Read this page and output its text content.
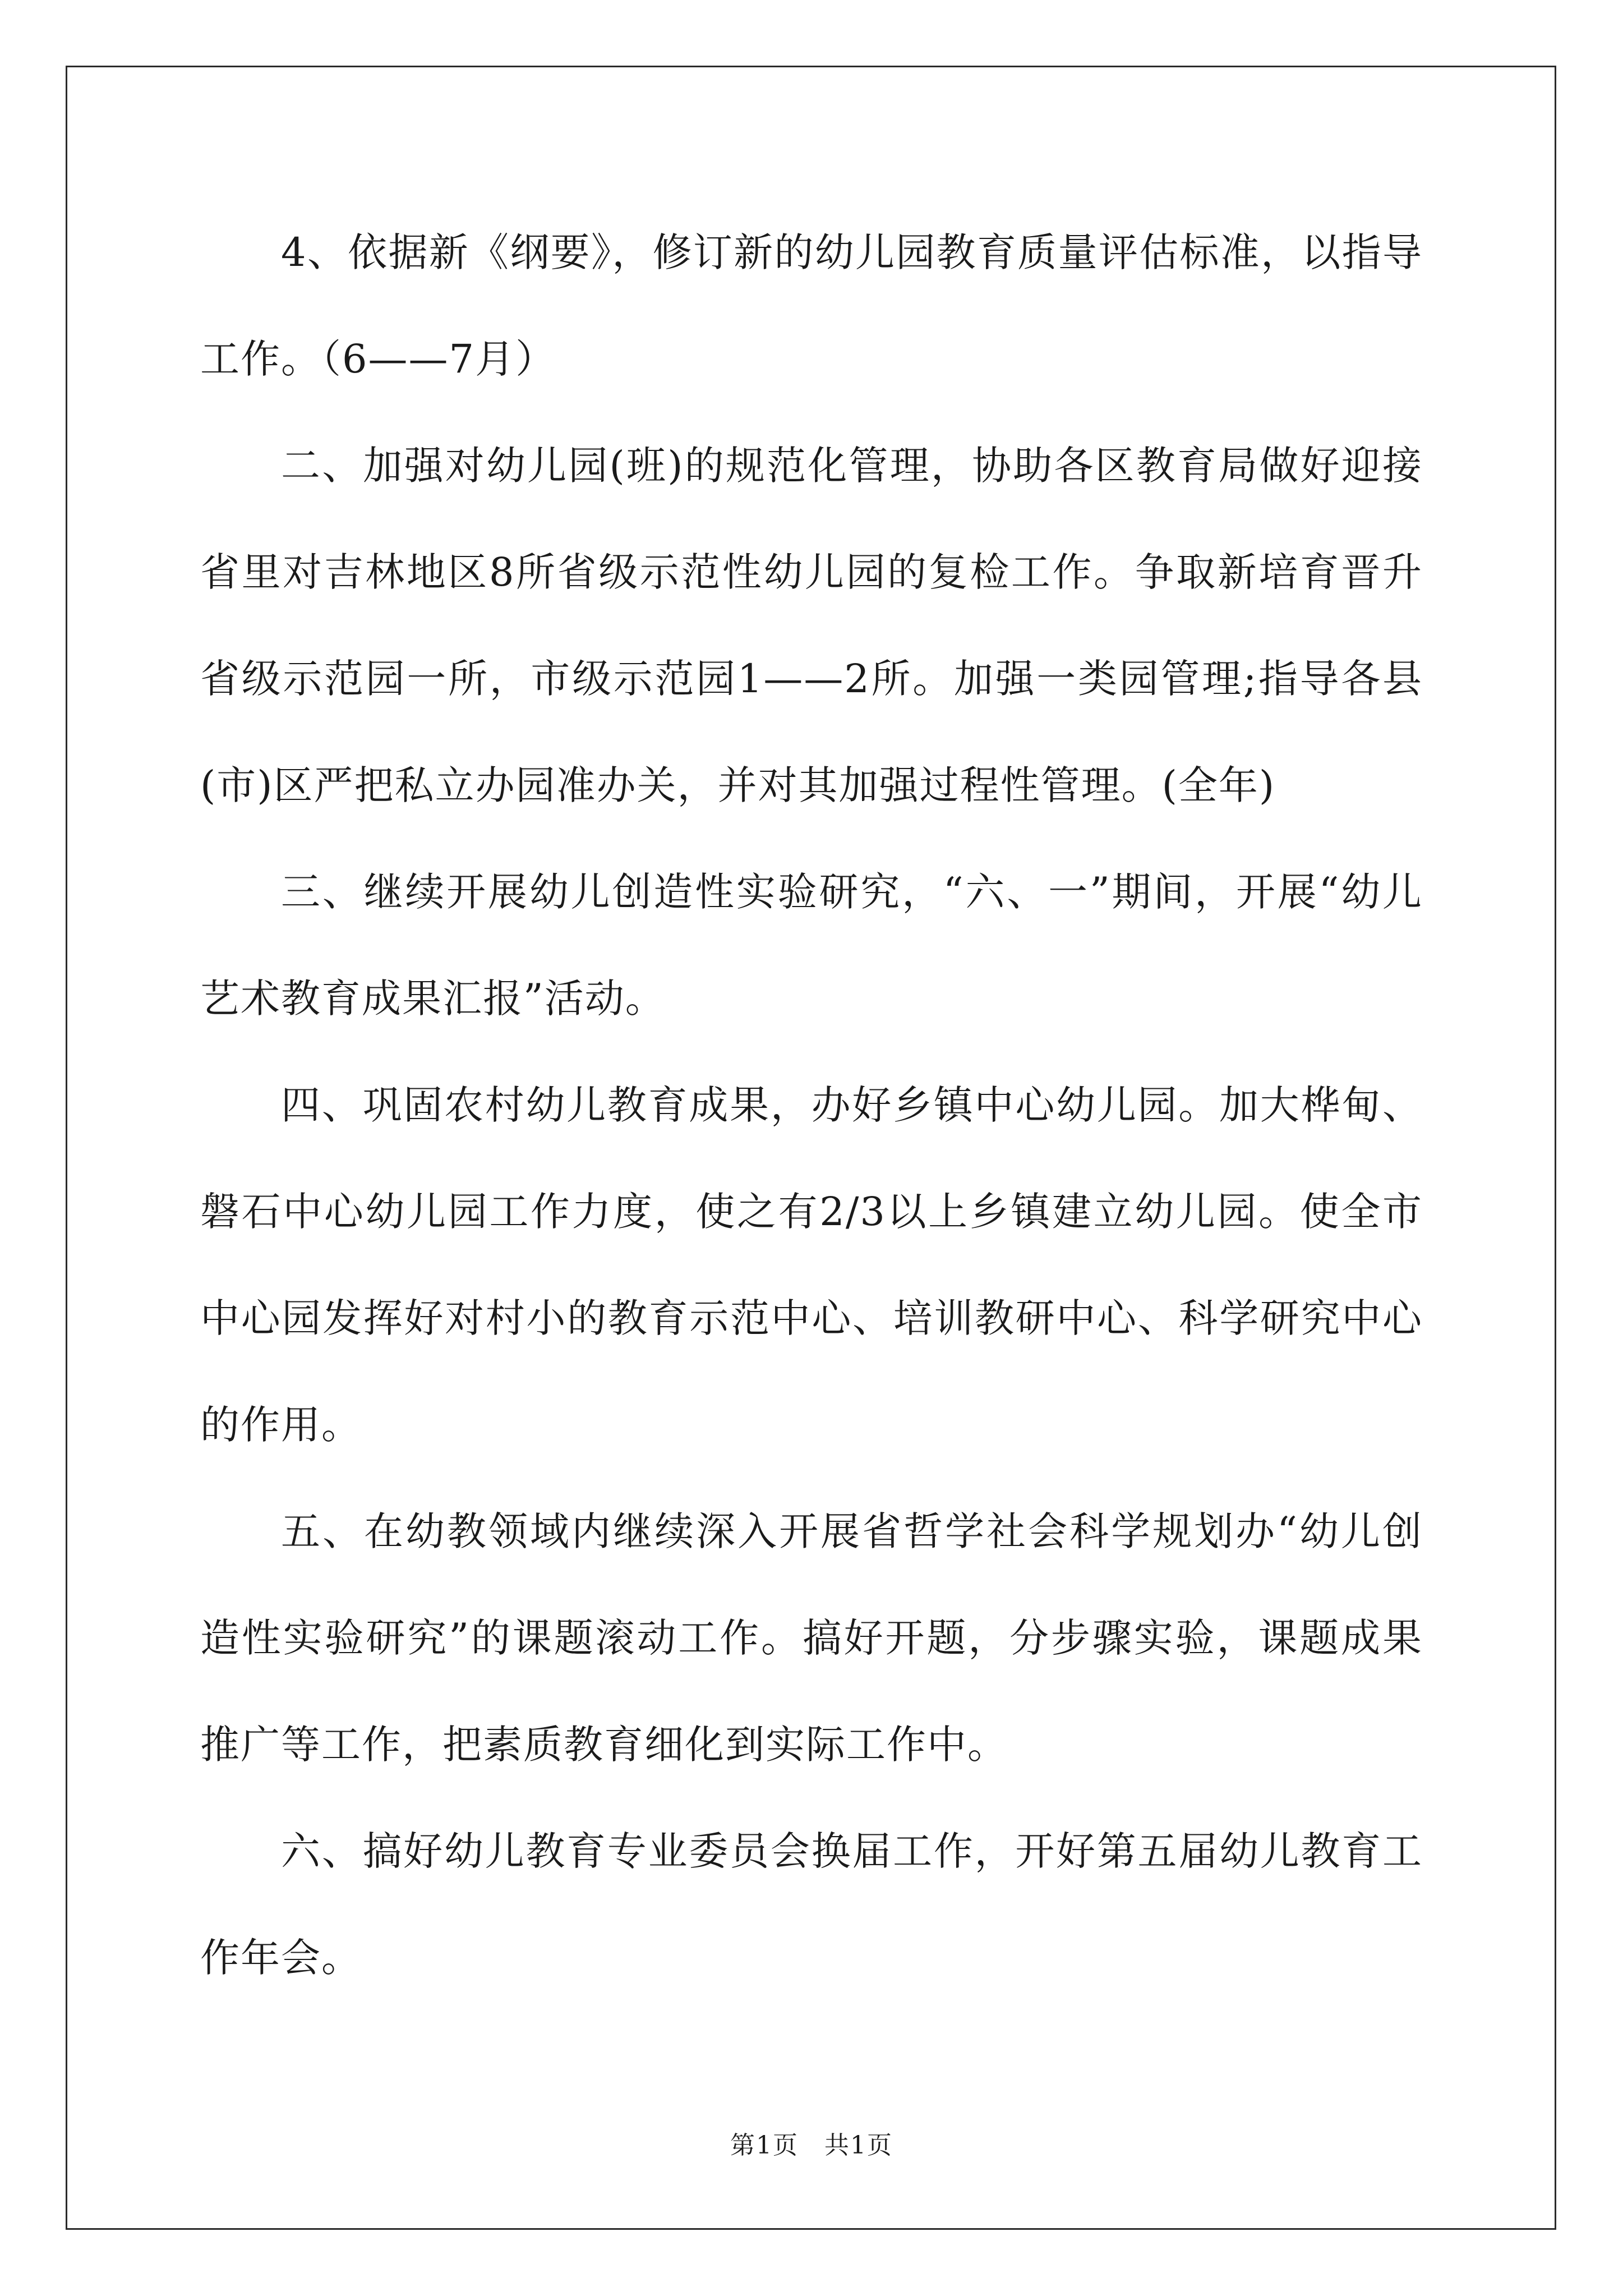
4、依据新《纲要》，修订新的幼儿园教育质量评估标准，以指导工作。（6——7月）

二、加强对幼儿园(班)的规范化管理，协助各区教育局做好迎接省里对吉林地区8所省级示范性幼儿园的复检工作。争取新培育晋升省级示范园一所，市级示范园1——2所。加强一类园管理;指导各县(市)区严把私立办园准办关，并对其加强过程性管理。(全年)

三、继续开展幼儿创造性实验研究，“六、一”期间，开展“幼儿艺术教育成果汇报”活动。

四、巩固农村幼儿教育成果，办好乡镇中心幼儿园。加大桦甸、磐石中心幼儿园工作力度，使之有2/3以上乡镇建立幼儿园。使全市中心园发挥好对村小的教育示范中心、培训教研中心、科学研究中心的作用。

五、在幼教领域内继续深入开展省哲学社会科学规划办“幼儿创造性实验研究”的课题滚动工作。搞好开题，分步骤实验，课题成果推广等工作，把素质教育细化到实际工作中。

六、搞好幼儿教育专业委员会换届工作，开好第五届幼儿教育工作年会。

第1页　共1页
